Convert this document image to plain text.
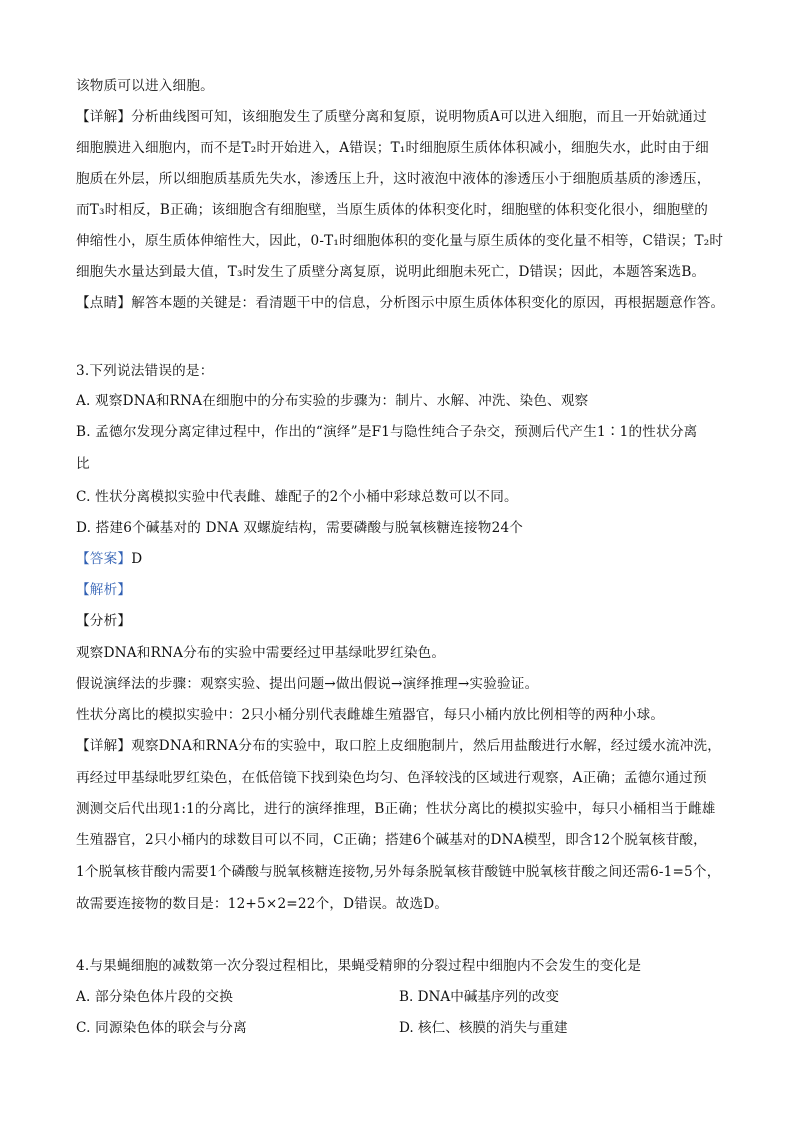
该物质可以进入细胞。
【详解】分析曲线图可知，该细胞发生了质壁分离和复原，说明物质A可以进入细胞，而且一开始就通过
细胞膜进入细胞内，而不是T₂时开始进入，A错误；T₁时细胞原生质体体积减小，细胞失水，此时由于细
胞质在外层，所以细胞质基质先失水，渗透压上升，这时液泡中液体的渗透压小于细胞质基质的渗透压，
而T₃时相反，B正确；该细胞含有细胞壁，当原生质体的体积变化时，细胞壁的体积变化很小，细胞壁的
伸缩性小，原生质体伸缩性大，因此，0-T₁时细胞体积的变化量与原生质体的变化量不相等，C错误；T₂时
细胞失水量达到最大值，T₃时发生了质壁分离复原，说明此细胞未死亡，D错误；因此，本题答案选B。
【点睛】解答本题的关键是：看清题干中的信息，分析图示中原生质体体积变化的原因，再根据题意作答。
3.下列说法错误的是：
A. 观察DNA和RNA在细胞中的分布实验的步骤为：制片、水解、冲洗、染色、观察
B. 孟德尔发现分离定律过程中，作出的“演绎”是F1与隐性纯合子杂交，预测后代产生1∶1的性状分离
比
C. 性状分离模拟实验中代表雌、雄配子的2个小桶中彩球总数可以不同。
D. 搭建6个碱基对的 DNA 双螺旋结构，需要磷酸与脱氧核糖连接物24个
【答案】D
【解析】
【分析】
观察DNA和RNA分布的实验中需要经过甲基绿吡罗红染色。
假说演绎法的步骤：观察实验、提出问题→做出假说→演绎推理→实验验证。
性状分离比的模拟实验中：2只小桶分别代表雌雄生殖器官，每只小桶内放比例相等的两种小球。
【详解】观察DNA和RNA分布的实验中，取口腔上皮细胞制片，然后用盐酸进行水解，经过缓水流冲洗，
再经过甲基绿吡罗红染色，在低倍镜下找到染色均匀、色泽较浅的区域进行观察，A正确；孟德尔通过预
测测交后代出现1:1的分离比，进行的演绎推理，B正确；性状分离比的模拟实验中，每只小桶相当于雌雄
生殖器官，2只小桶内的球数目可以不同，C正确；搭建6个碱基对的DNA模型，即含12个脱氧核苷酸，
1个脱氧核苷酸内需要1个磷酸与脱氧核糖连接物,另外每条脱氧核苷酸链中脱氧核苷酸之间还需6-1=5个，
故需要连接物的数目是：12+5×2=22个，D错误。故选D。
4.与果蝇细胞的减数第一次分裂过程相比，果蝇受精卵的分裂过程中细胞内不会发生的变化是
A. 部分染色体片段的交换	B. DNA中碱基序列的改变
C. 同源染色体的联会与分离	D. 核仁、核膜的消失与重建
